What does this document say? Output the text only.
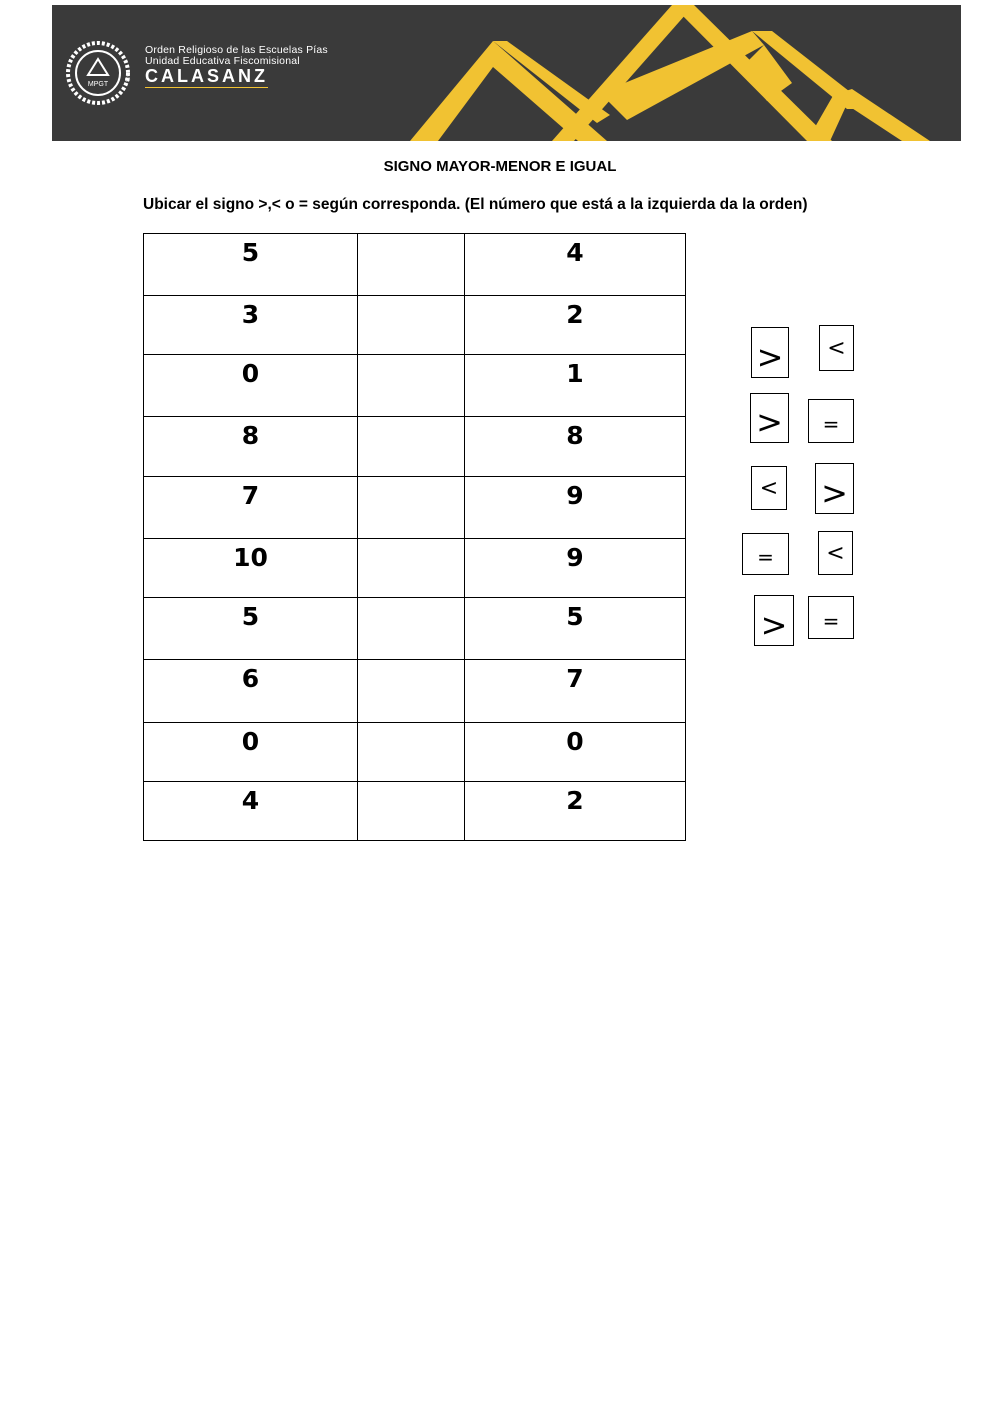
MPGT
®
Orden Religioso de las Escuelas Pías
Unidad Educativa Fiscomisional
CALASANZ
SIGNO MAYOR-MENOR E IGUAL
Ubicar el signo >,< o = según corresponda. (El número que está a la izquierda da la orden)
5		4

3		2

0		1

8		8

7		9

10		9

5		5

6		7

0		0

4		2
>	<
>	=
< >
=	<
>	=
